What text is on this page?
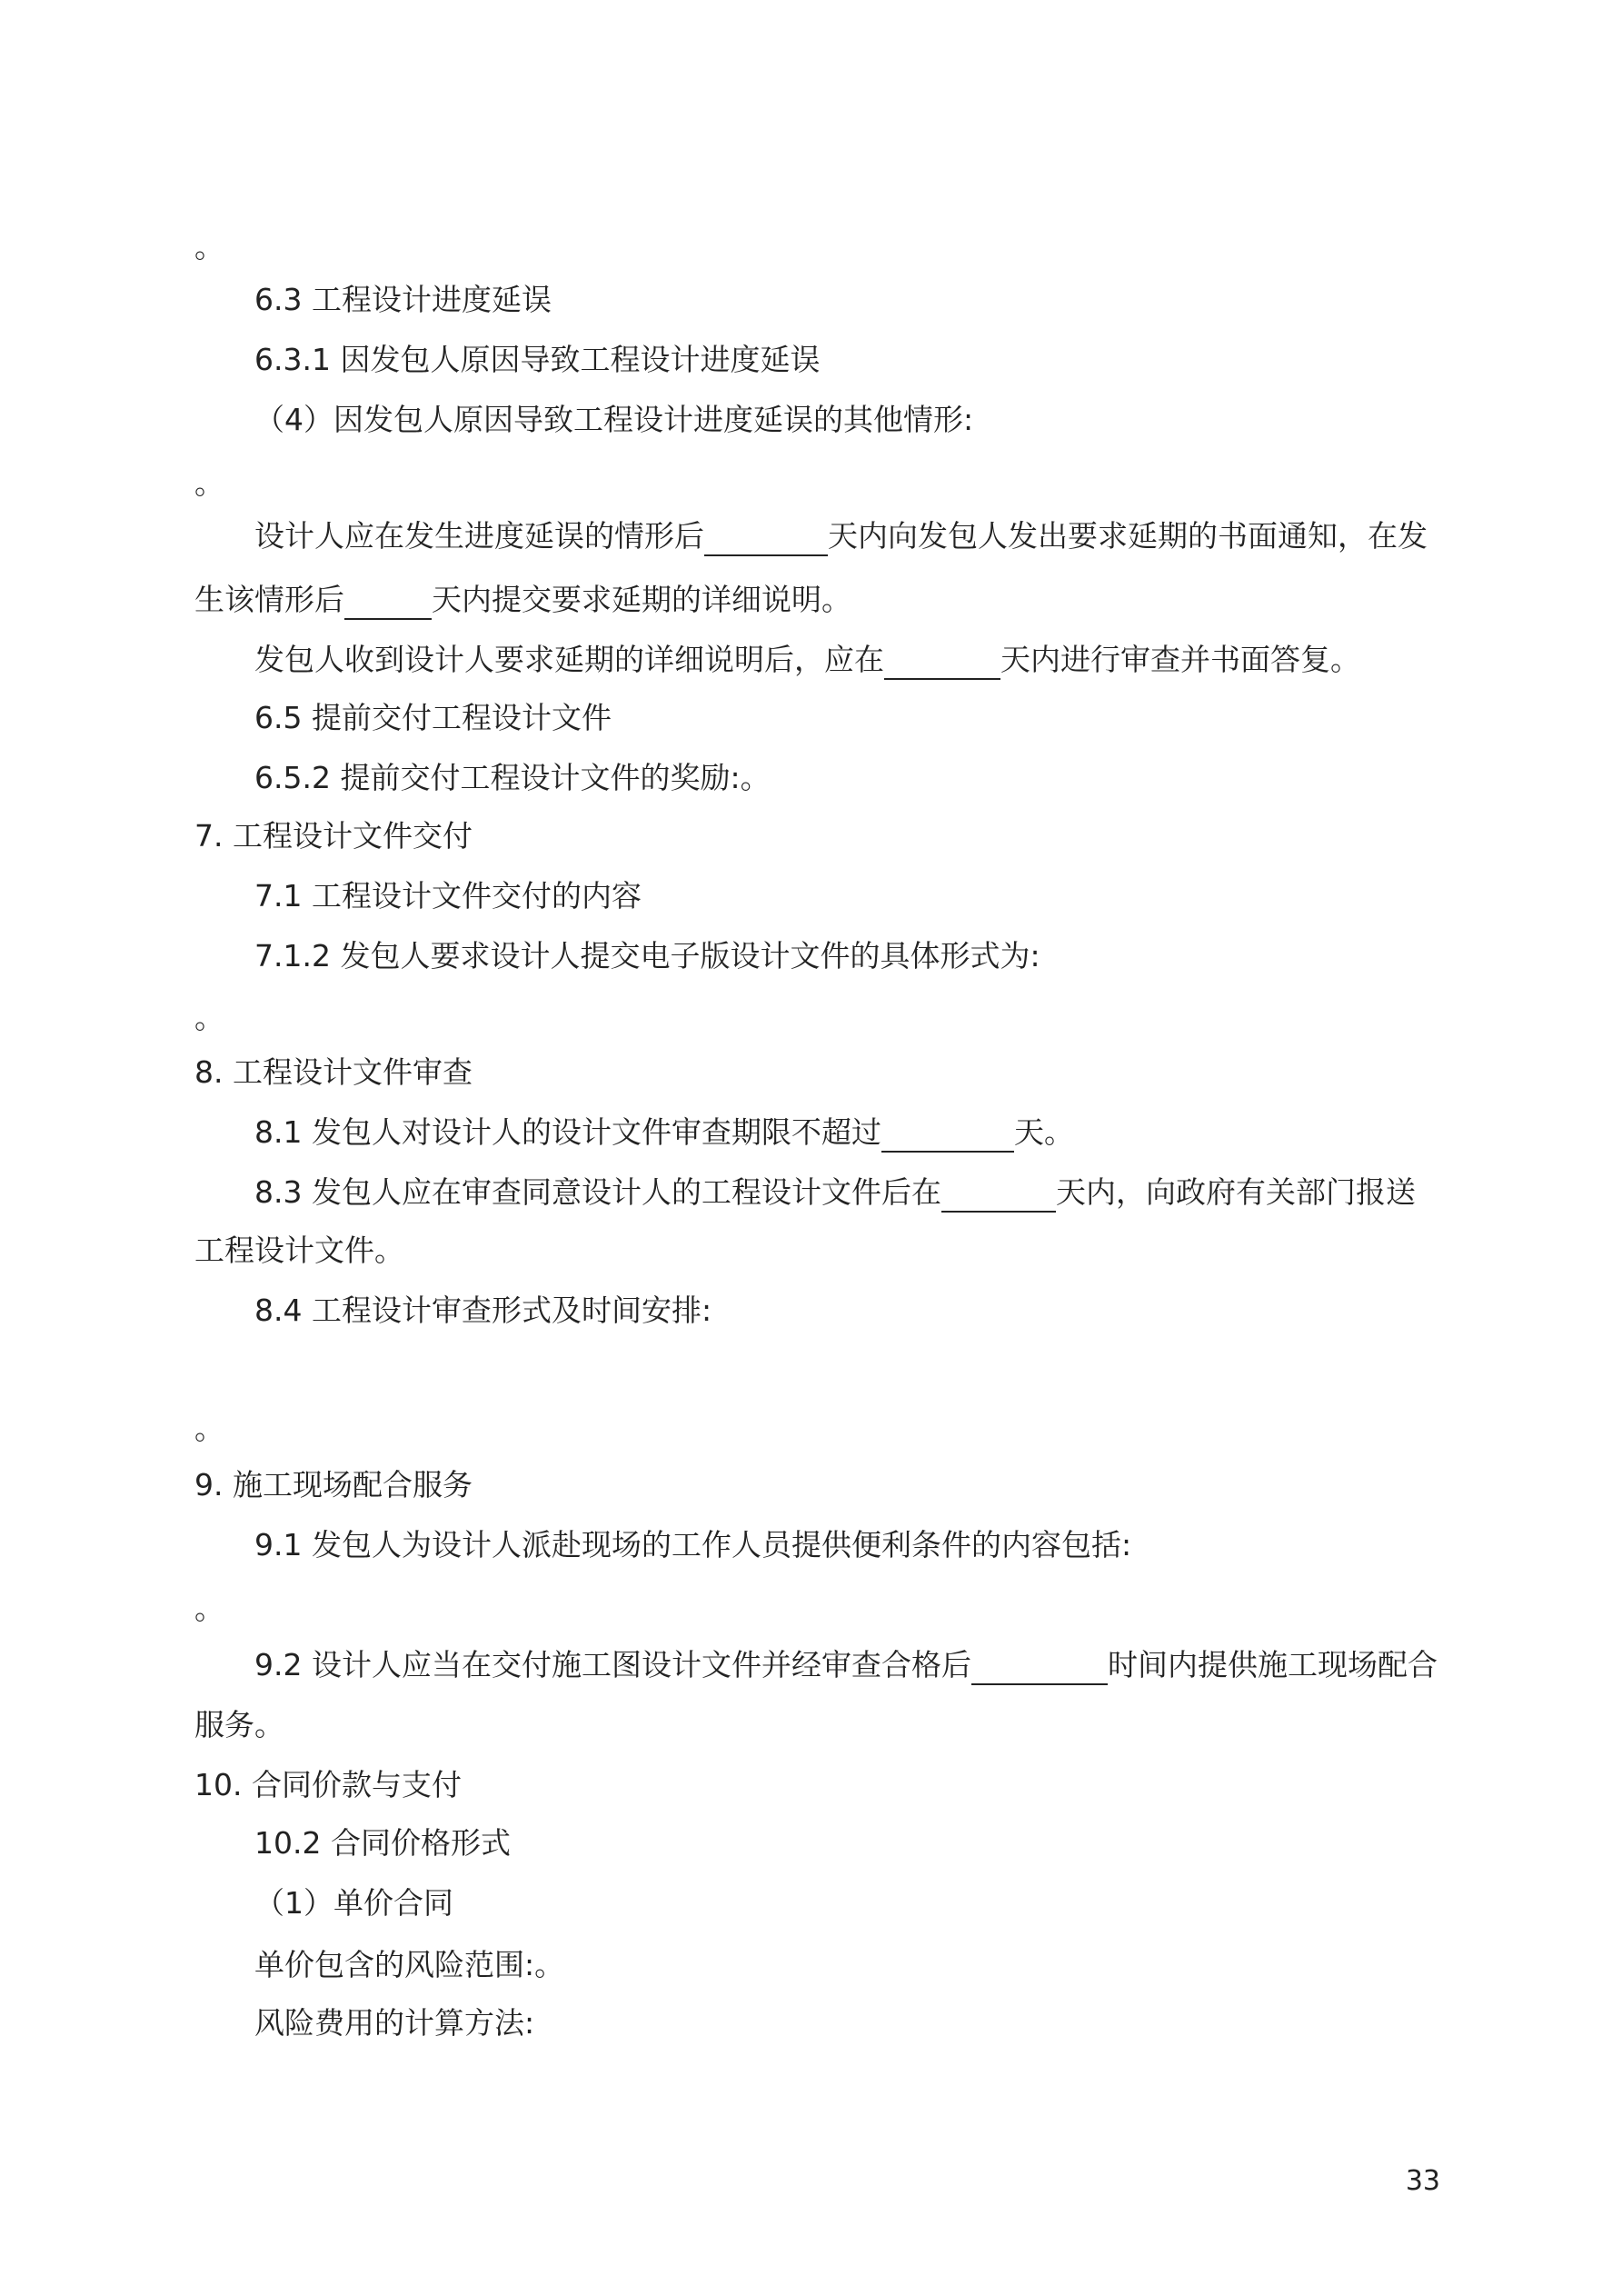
。
6.3 工程设计进度延误
6.3.1 因发包人原因导致工程设计进度延误
（4）因发包人原因导致工程设计进度延误的其他情形:
。
设计人应在发生进度延误的情形后	天内向发包人发出要求延期的书面通知，在发
生该情形后	天内提交要求延期的详细说明。
发包人收到设计人要求延期的详细说明后，应在	天内进行审查并书面答复。
6.5 提前交付工程设计文件
6.5.2 提前交付工程设计文件的奖励: 。
7. 工程设计文件交付
7.1 工程设计文件交付的内容
7.1.2 发包人要求设计人提交电子版设计文件的具体形式为:
。
8. 工程设计文件审查
8.1 发包人对设计人的设计文件审查期限不超过	天。
8.3 发包人应在审查同意设计人的工程设计文件后在	天内，向政府有关部门报送
工程设计文件。
8.4 工程设计审查形式及时间安排:
。
9. 施工现场配合服务
9.1 发包人为设计人派赴现场的工作人员提供便利条件的内容包括:
。
9.2 设计人应当在交付施工图设计文件并经审查合格后	时间内提供施工现场配合
服务。
10. 合同价款与支付
10.2 合同价格形式
（1）单价合同
单价包含的风险范围: 。
风险费用的计算方法:
33
